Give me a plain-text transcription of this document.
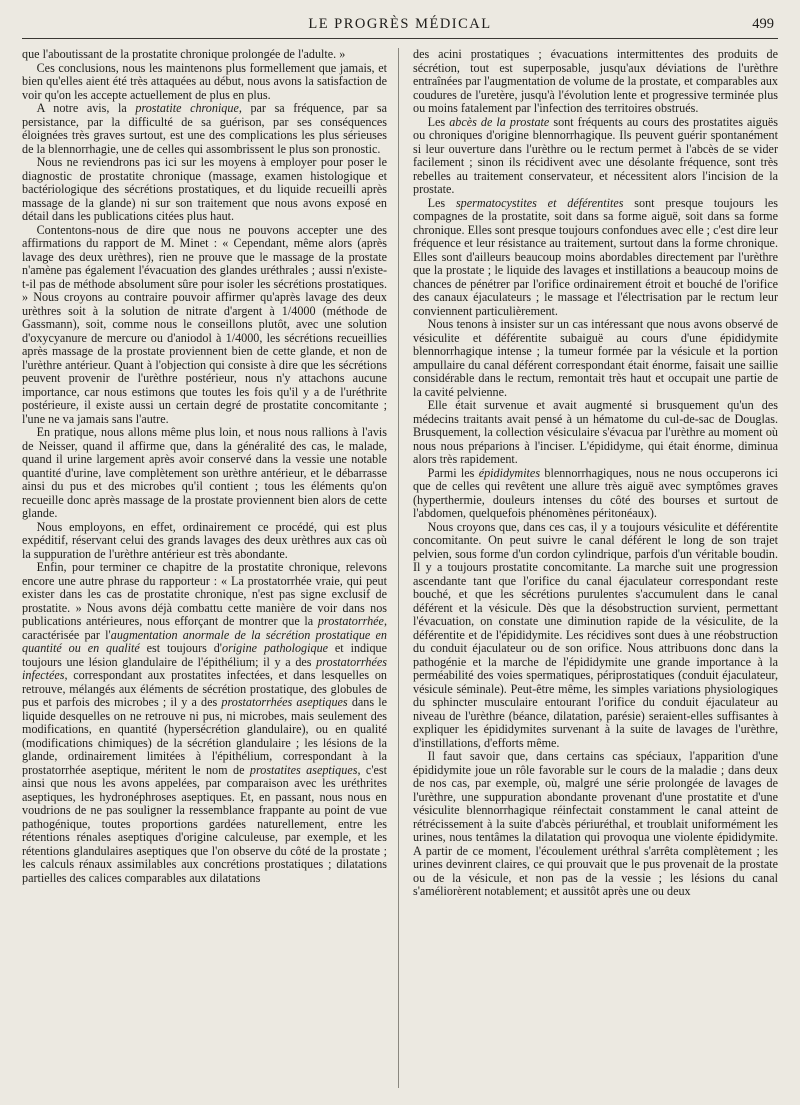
LE PROGRÈS MÉDICAL	499

que l'aboutissant de la prostatite chronique prolongée de l'adulte. »

Ces conclusions, nous les maintenons plus formellement que jamais, et bien qu'elles aient été très attaquées au début, nous avons la satisfaction de voir qu'on les accepte actuellement de plus en plus.

A notre avis, la prostatite chronique, par sa fréquence, par sa persistance, par la difficulté de sa guérison, par ses conséquences éloignées très graves surtout, est une des complications les plus sérieuses de la blennorrhagie, une de celles qui assombrissent le plus son pronostic.

Nous ne reviendrons pas ici sur les moyens à employer pour poser le diagnostic de prostatite chronique (massage, examen histologique et bactériologique des sécrétions prostatiques, et du liquide recueilli après massage de la glande) ni sur son traitement que nous avons exposé en détail dans les publications citées plus haut.

Contentons-nous de dire que nous ne pouvons accepter une des affirmations du rapport de M. Minet : « Cependant, même alors (après lavage des deux urèthres), rien ne prouve que le massage de la prostate n'amène pas également l'évacuation des glandes uréthrales ; aussi n'existe-t-il pas de méthode absolument sûre pour isoler les sécrétions prostatiques. » Nous croyons au contraire pouvoir affirmer qu'après lavage des deux urèthres soit à la solution de nitrate d'argent à 1/4000 (méthode de Gassmann), soit, comme nous le conseillons plutôt, avec une solution d'oxycyanure de mercure ou d'aniodol à 1/4000, les sécrétions recueillies après massage de la prostate proviennent bien de cette glande, et non de l'urèthre antérieur. Quant à l'objection qui consiste à dire que les sécrétions peuvent provenir de l'urèthre postérieur, nous n'y attachons aucune importance, car nous estimons que toutes les fois qu'il y a de l'uréthrite postérieure, il existe aussi un certain degré de prostatite concomitante ; l'une ne va jamais sans l'autre.

En pratique, nous allons même plus loin, et nous nous rallions à l'avis de Neisser, quand il affirme que, dans la généralité des cas, le malade, quand il urine largement après avoir conservé dans la vessie une notable quantité d'urine, lave complètement son urèthre antérieur, et le débarrasse ainsi du pus et des microbes qu'il contient ; tous les éléments qu'on recueille donc après massage de la prostate proviennent bien alors de cette glande.

Nous employons, en effet, ordinairement ce procédé, qui est plus expéditif, réservant celui des grands lavages des deux urèthres aux cas où la suppuration de l'urèthre antérieur est très abondante.

Enfin, pour terminer ce chapitre de la prostatite chronique, relevons encore une autre phrase du rapporteur : « La prostatorrhée vraie, qui peut exister dans les cas de prostatite chronique, n'est pas signe exclusif de prostatite. » Nous avons déjà combattu cette manière de voir dans nos publications antérieures, nous efforçant de montrer que la prostatorrhée, caractérisée par l'augmentation anormale de la sécrétion prostatique en quantité ou en qualité est toujours d'origine pathologique et indique toujours une lésion glandulaire de l'épithélium; il y a des prostatorrhées infectées, correspondant aux prostatites infectées, et dans lesquelles on retrouve, mélangés aux éléments de sécrétion prostatique, des globules de pus et parfois des microbes ; il y a des prostatorrhées aseptiques dans le liquide desquelles on ne retrouve ni pus, ni microbes, mais seulement des modifications, en quantité (hypersécrétion glandulaire), ou en qualité (modifications chimiques) de la sécrétion glandulaire ; les lésions de la glande, ordinairement limitées à l'épithélium, correspondant à la prostatorrhée aseptique, méritent le nom de prostatites aseptiques, c'est ainsi que nous les avons appelées, par comparaison avec les uréthrites aseptiques, les hydronéphroses aseptiques. Et, en passant, nous nous en voudrions de ne pas souligner la ressemblance frappante au point de vue pathogénique, toutes proportions gardées naturellement, entre les rétentions rénales aseptiques d'origine calculeuse, par exemple, et les rétentions glandulaires aseptiques que l'on observe du côté de la prostate ; les calculs rénaux assimilables aux concrétions prostatiques ; dilatations partielles des calices comparables aux dilatations

des acini prostatiques ; évacuations intermittentes des produits de sécrétion, tout est superposable, jusqu'aux déviations de l'urèthre entraînées par l'augmentation de volume de la prostate, et comparables aux coudures de l'uretère, jusqu'à l'évolution lente et progressive terminée plus ou moins fatalement par l'infection des territoires obstrués.

Les abcès de la prostate sont fréquents au cours des prostatites aiguës ou chroniques d'origine blennorrhagique. Ils peuvent guérir spontanément si leur ouverture dans l'urèthre ou le rectum permet à l'abcès de se vider facilement ; sinon ils récidivent avec une désolante fréquence, sont très rebelles au traitement conservateur, et nécessitent alors l'incision de la prostate.

Les spermatocystites et déférentites sont presque toujours les compagnes de la prostatite, soit dans sa forme aiguë, soit dans sa forme chronique. Elles sont presque toujours confondues avec elle ; c'est dire leur fréquence et leur résistance au traitement, surtout dans la forme chronique. Elles sont d'ailleurs beaucoup moins abordables directement par l'urèthre que la prostate ; le liquide des lavages et instillations a beaucoup moins de chances de pénétrer par l'orifice ordinairement étroit et bouché de l'orifice des canaux éjaculateurs ; le massage et l'électrisation par le rectum leur conviennent particulièrement.

Nous tenons à insister sur un cas intéressant que nous avons observé de vésiculite et déférentite subaiguë au cours d'une épididymite blennorrhagique intense ; la tumeur formée par la vésicule et la portion ampullaire du canal déférent correspondant était énorme, faisait une saillie considérable dans le rectum, remontait très haut et occupait une partie de la cavité pelvienne.

Elle était survenue et avait augmenté si brusquement qu'un des médecins traitants avait pensé à un hématome du cul-de-sac de Douglas. Brusquement, la collection vésiculaire s'évacua par l'urèthre au moment où nous nous préparions à l'inciser. L'épididyme, qui était énorme, diminua alors très rapidement.

Parmi les épididymites blennorrhagiques, nous ne nous occuperons ici que de celles qui revêtent une allure très aiguë avec symptômes graves (hyperthermie, douleurs intenses du côté des bourses et surtout de l'abdomen, quelquefois phénomènes péritonéaux).

Nous croyons que, dans ces cas, il y a toujours vésiculite et déférentite concomitante. On peut suivre le canal déférent le long de son trajet pelvien, sous forme d'un cordon cylindrique, parfois d'un véritable boudin. Il y a toujours prostatite concomitante. La marche suit une progression ascendante tant que l'orifice du canal éjaculateur correspondant reste bouché, et que les sécrétions purulentes s'accumulent dans le canal déférent et la vésicule. Dès que la désobstruction survient, permettant l'évacuation, on constate une diminution rapide de la vésiculite, de la déférentite et de l'épididymite. Les récidives sont dues à une réobstruction du conduit éjaculateur ou de son orifice. Nous attribuons donc dans la pathogénie et la marche de l'épididymite une grande importance à la perméabilité des voies spermatiques, périprostatiques (conduit éjaculateur, vésicule séminale). Peut-être même, les simples variations physiologiques du sphincter musculaire entourant l'orifice du conduit éjaculateur au niveau de l'urèthre (béance, dilatation, parésie) seraient-elles suffisantes à expliquer les épididymites survenant à la suite de lavages de l'urèthre, d'instillations, d'efforts même.

Il faut savoir que, dans certains cas spéciaux, l'apparition d'une épididymite joue un rôle favorable sur le cours de la maladie ; dans deux de nos cas, par exemple, où, malgré une série prolongée de lavages de l'urèthre, une suppuration abondante provenant d'une prostatite et d'une vésiculite blennorrhagique réinfectait constamment le canal atteint de rétrécissement à la suite d'abcès périuréthal, et troublait uniformément les urines, nous tentâmes la dilatation qui provoqua une violente épididymite. A partir de ce moment, l'écoulement uréthral s'arrêta complètement ; les urines devinrent claires, ce qui prouvait que le pus provenait de la prostate ou de la vésicule, et non pas de la vessie ; les lésions du canal s'améliorèrent notablement; et aussitôt après une ou deux
